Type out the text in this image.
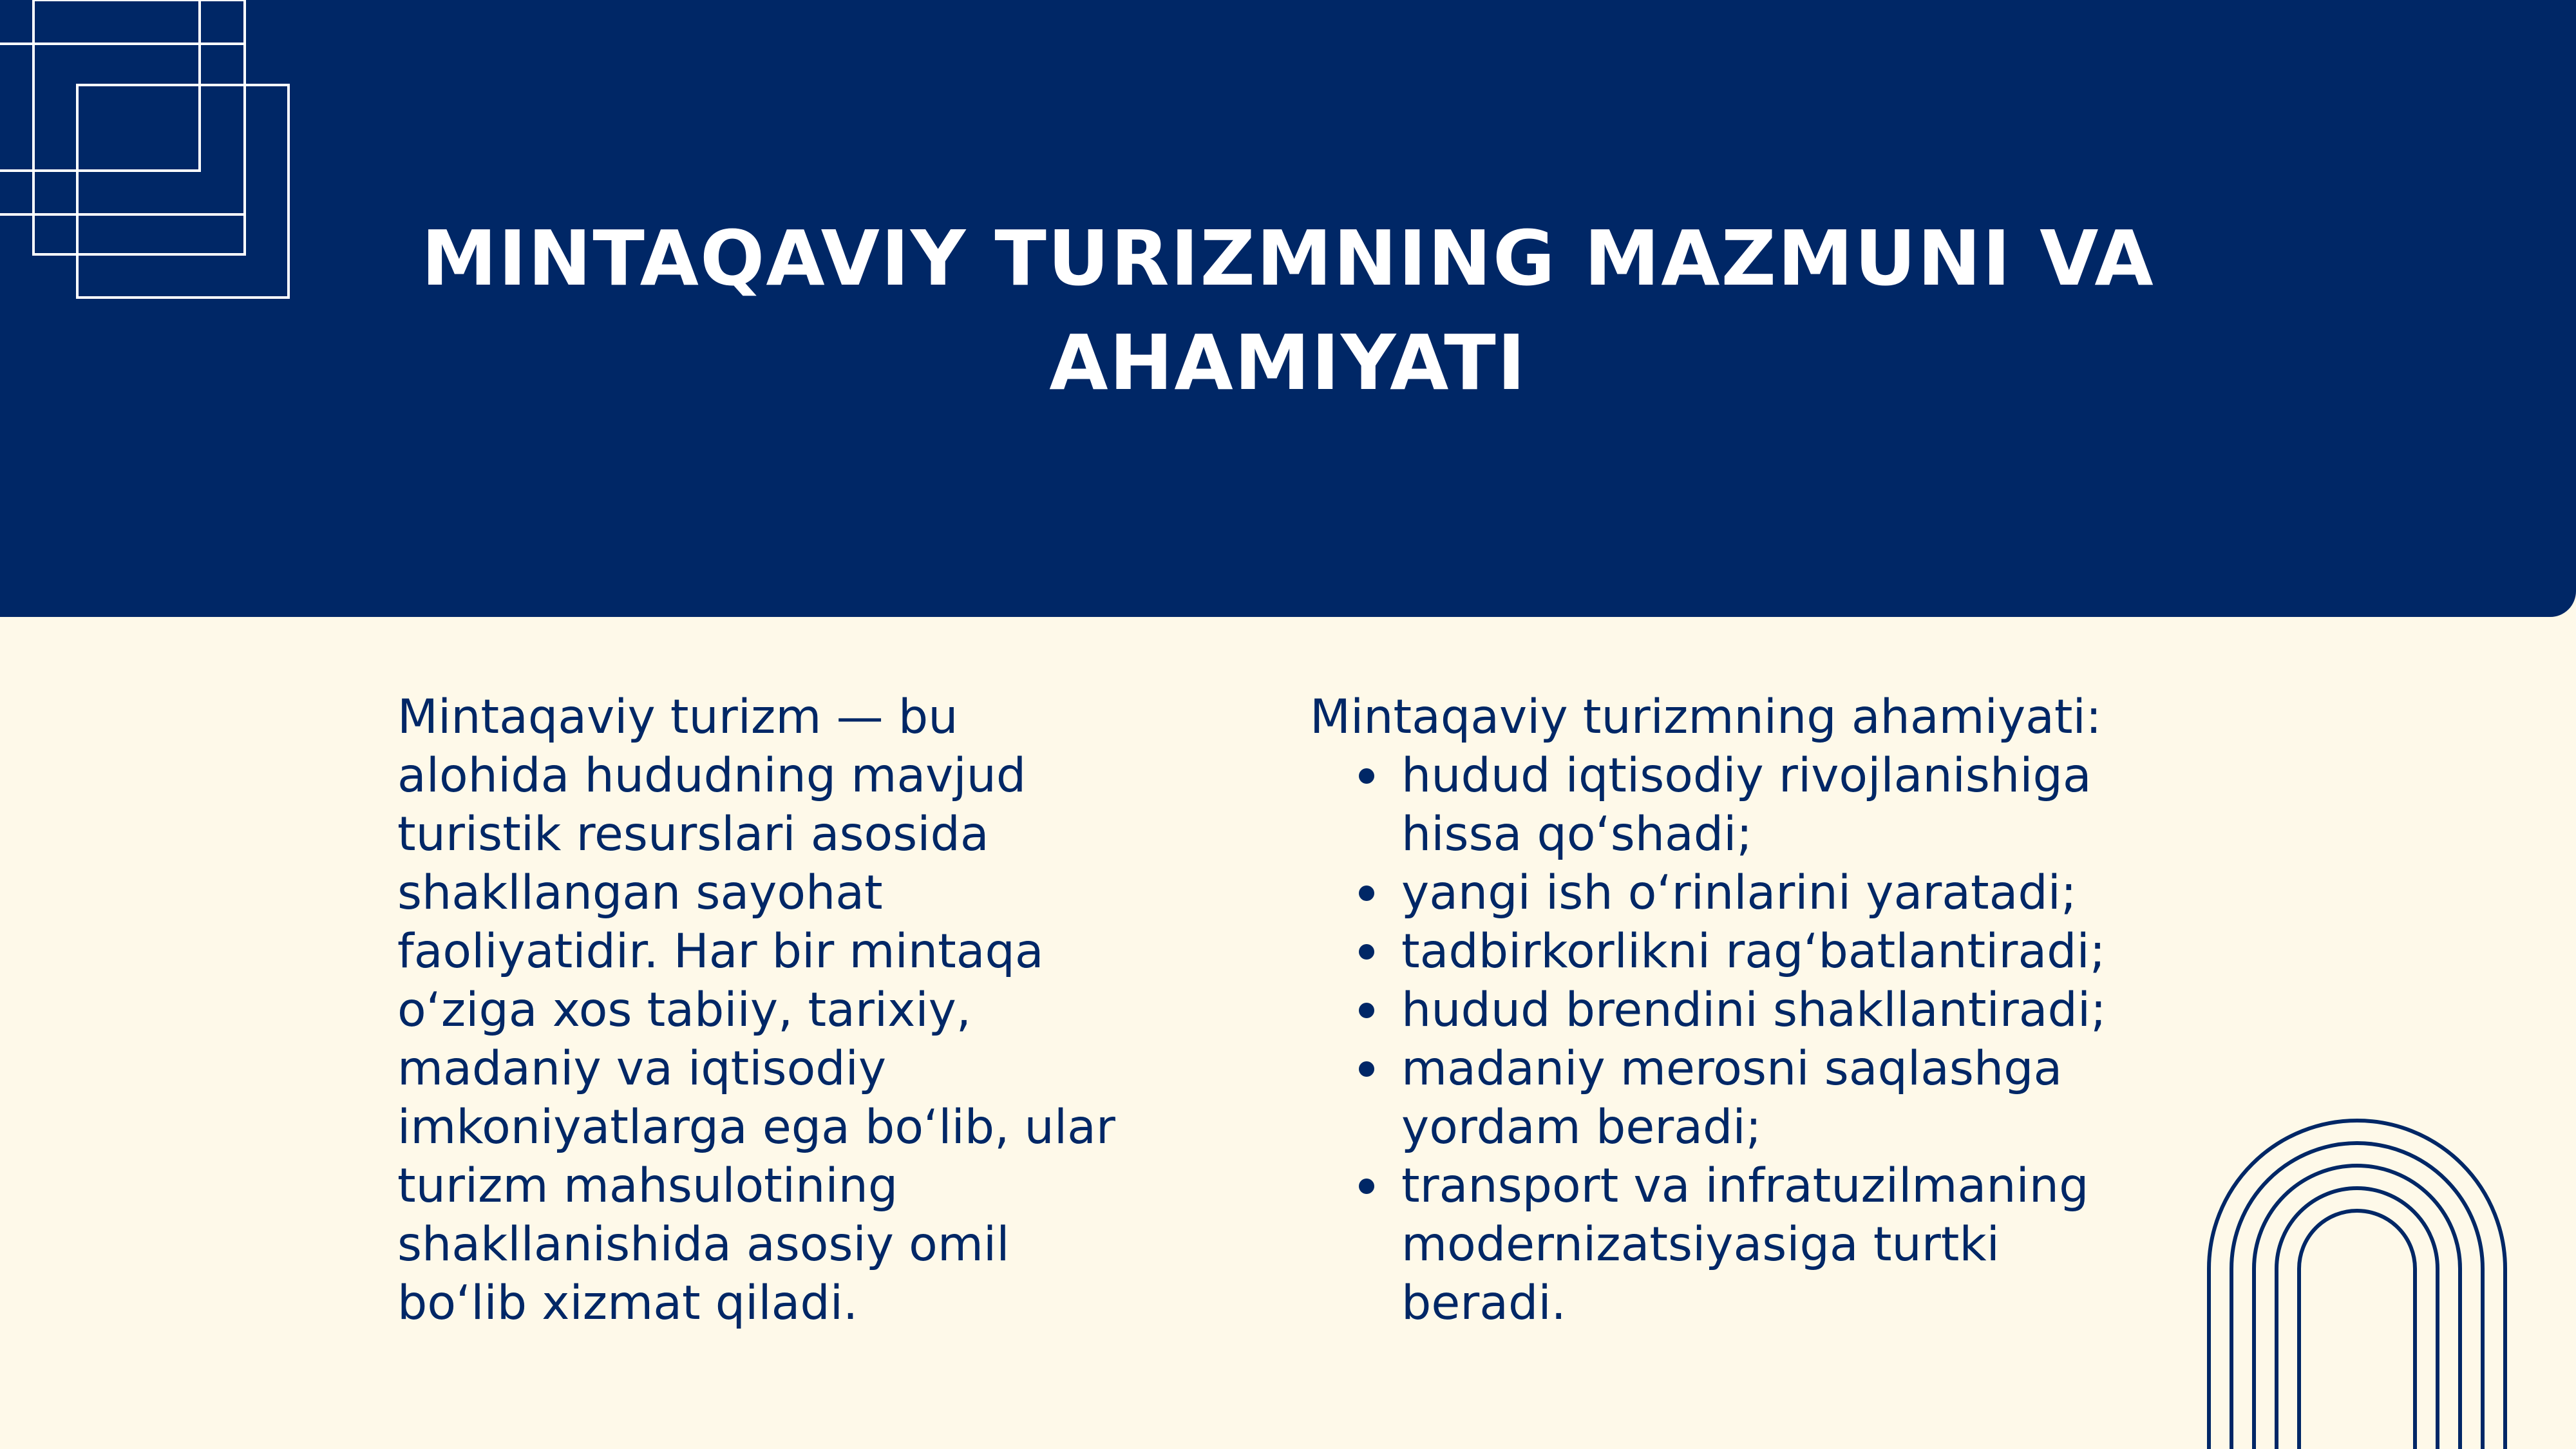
MINTAQAVIY TURIZMNING MAZMUNI VA AHAMIYATI

Mintaqaviy turizm — bu alohida hududning mavjud turistik resurslari asosida shakllangan sayohat faoliyatidir. Har bir mintaqa o‘ziga xos tabiiy, tarixiy, madaniy va iqtisodiy imkoniyatlarga ega bo‘lib, ular turizm mahsulotining shakllanishida asosiy omil bo‘lib xizmat qiladi.

Mintaqaviy turizmning ahamiyati:

hudud iqtisodiy rivojlanishiga hissa qo‘shadi;
yangi ish o‘rinlarini yaratadi;
tadbirkorlikni rag‘batlantiradi;
hudud brendini shakllantiradi;
madaniy merosni saqlashga yordam beradi;
transport va infratuzilmaning modernizatsiyasiga turtki beradi.
